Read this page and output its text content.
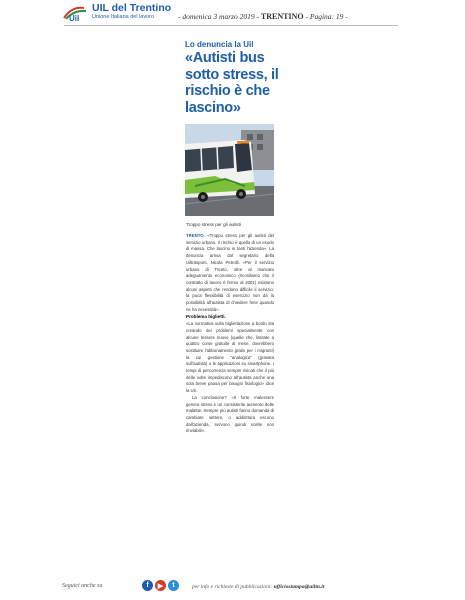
Uil
UIL del Trentino
Unione Italiana del lavoro	- domenica 3 marzo 2019 - TRENTINO - Pagina: 19 -
Lo denuncia la Uil
«Autisti bus sotto stress, il rischio è che lascino»
Troppo stress per gli autisti

TRENTO. «Troppo stress per gli autisti del servizio urbano. Il rischio è quello di un esodo di massa. Che lascino in tanti l'azienda». La denuncia arriva dal segretario della Uiltrasporti, Nicola Petrolli. «Per il servizio urbano di Trento, oltre al mancato adeguamento economico (ricordiamo che il contratto di lavoro è fermo al 2001) esistono alcuni aspetti che rendono difficile il servizio: la poca flessibilità di esercizio non dà la possibilità all'autista di chiedere ferie quando ne ha necessità».

Problema biglietti.

«La normativa sulla bigliettazione a bordo sta creando dei problemi specialmente con alcune tessere nuove (quelle che, limitate a quattro corse gratuite al mese, dovrebbero sostituire l'abbonamento gratis per i migranti) la cui gestione "analogica" (gravata sull'autista) o le applicazioni su smartphone. I tempi di percorrenza sempre risicati che il più delle volte impediscono all'autista anche una sola breve pausa per bisogni fisiologici» dice la Uil.

La conclusione? «Il forte malessere genera stress e un consistente aumento delle malattie. Sempre più autisti fanno domanda di cambiare settore, o addirittura escono dall'azienda, servono quindi scelte non rinviabili».

Seguici anche su	f	▶	t	per info e richieste di pubblicazioni: ufficiostampa@uiltn.it
